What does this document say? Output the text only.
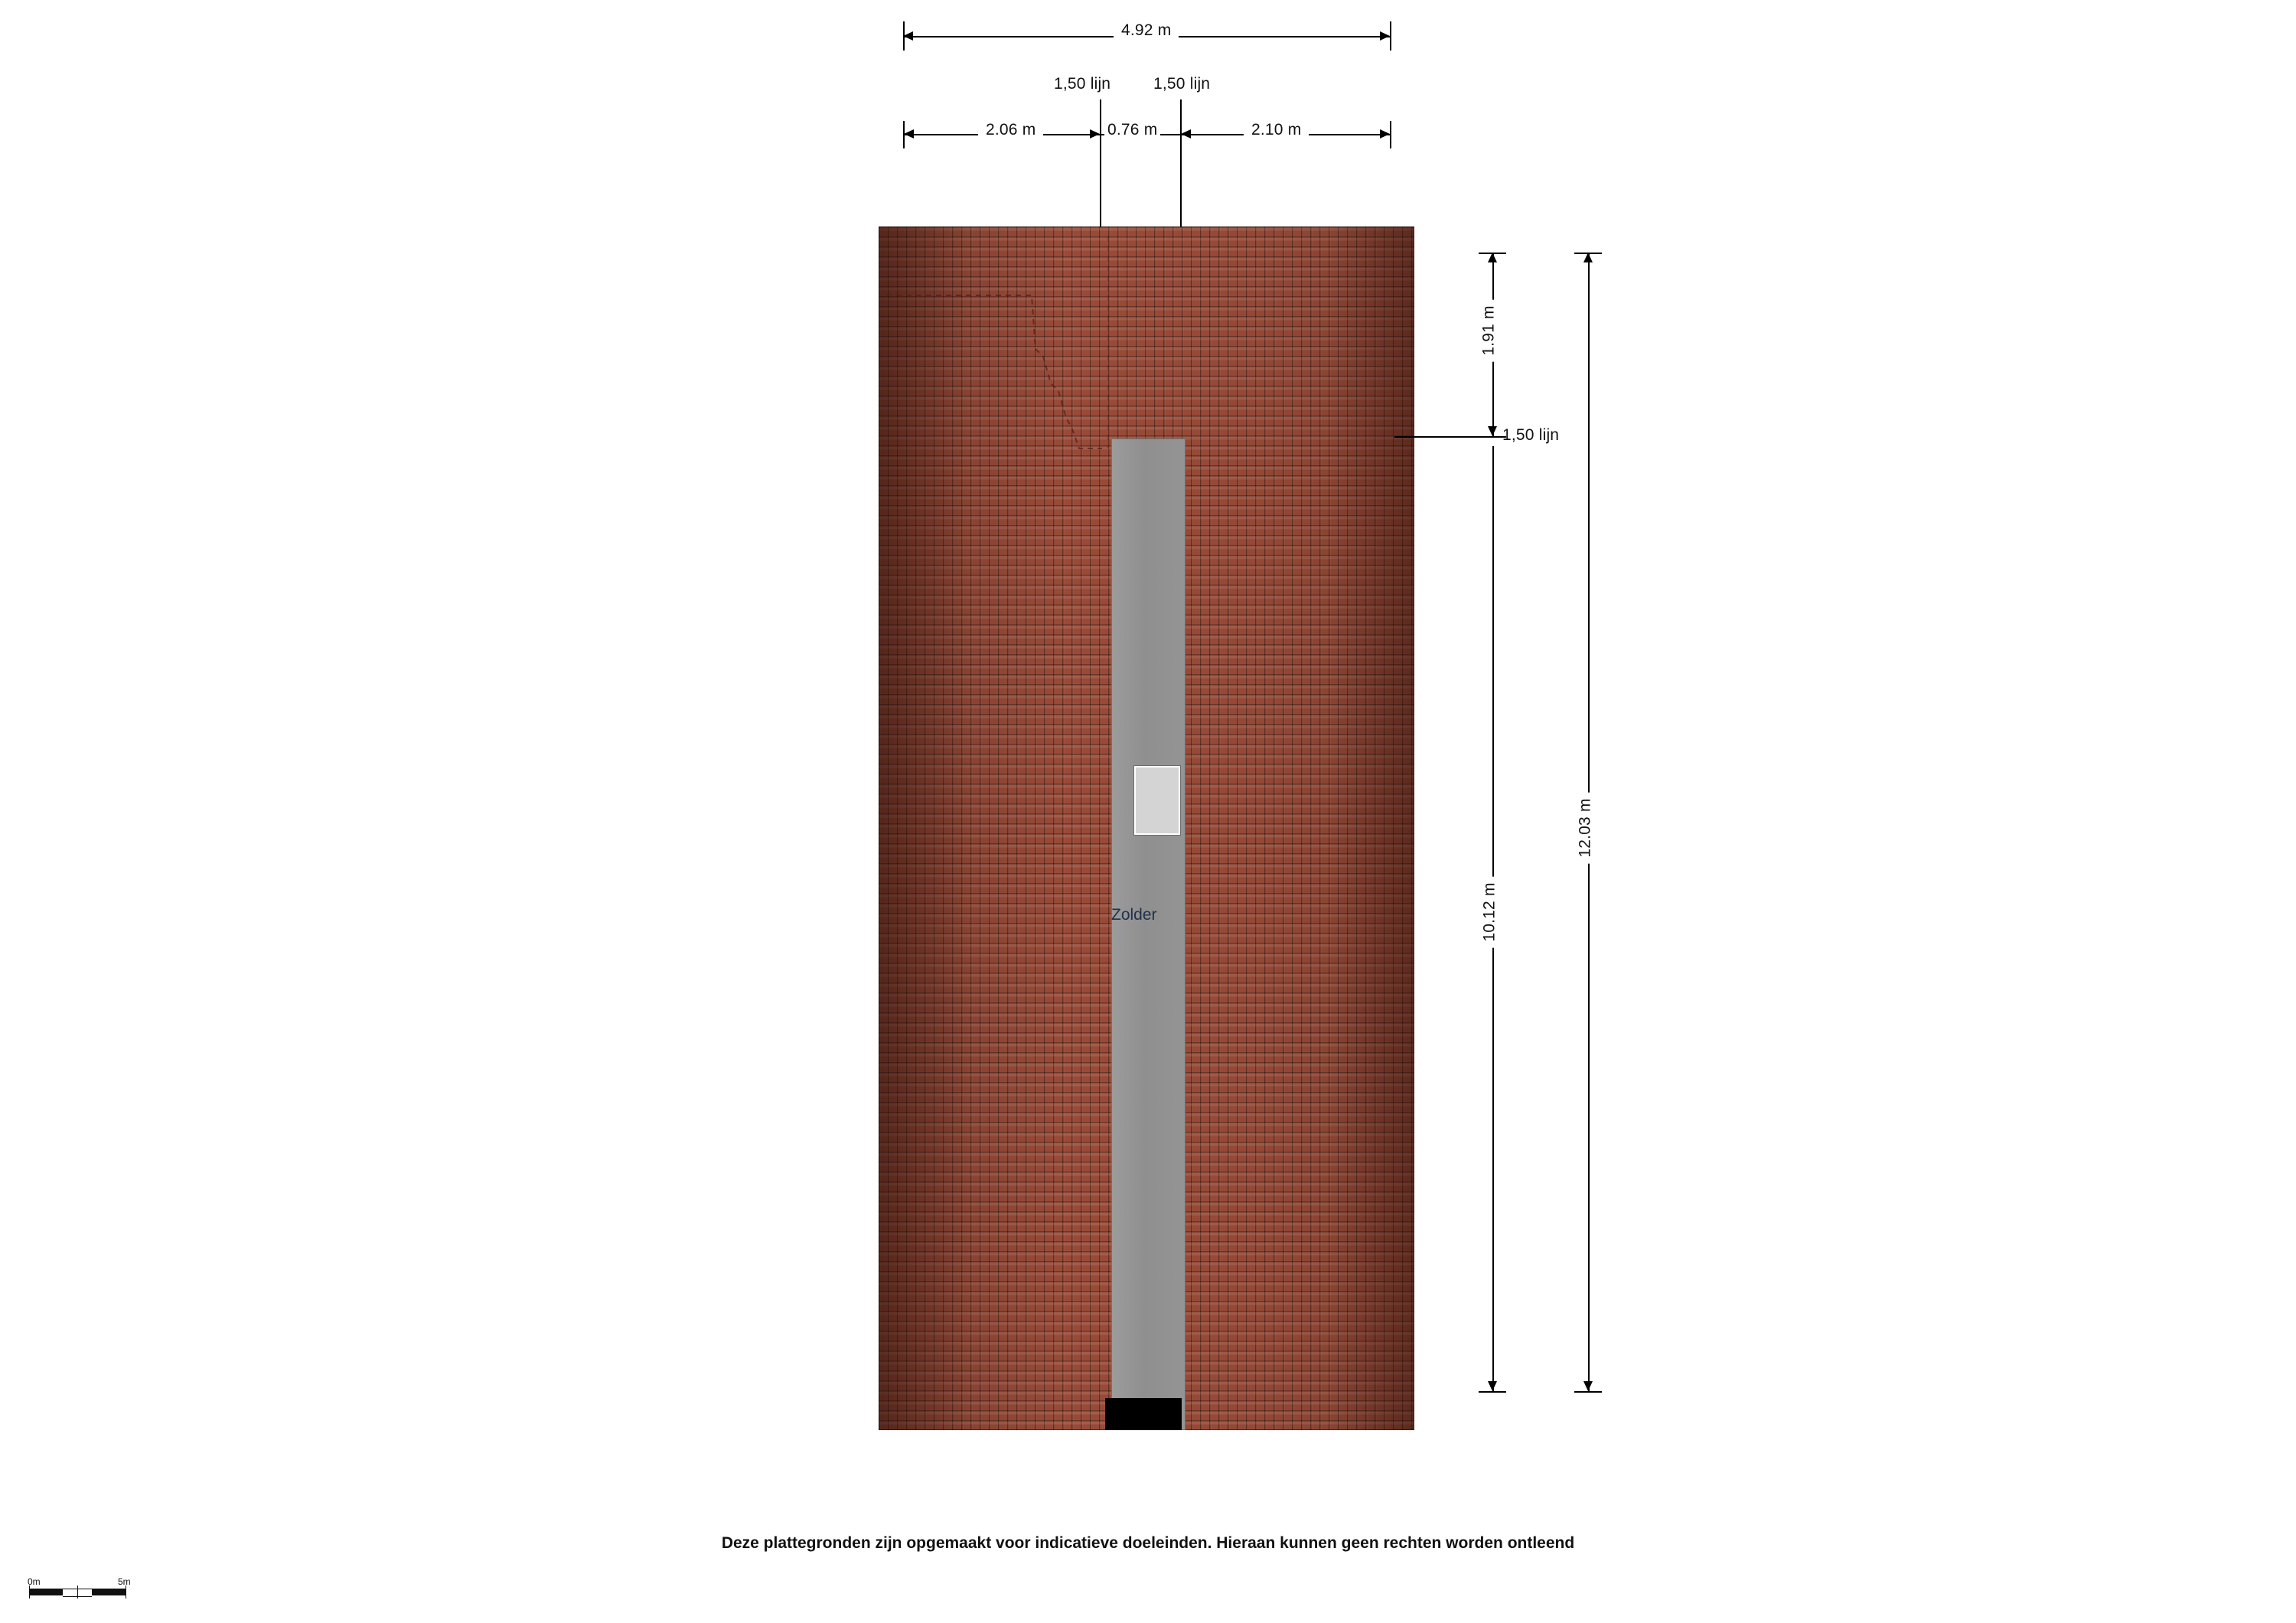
4.92 m
1,50 lijn	1,50 lijn
2.06 m	0.76 m	2.10 m
Zolder
1.91 m
1,50 lijn
10.12 m
12.03 m
Deze plattegronden zijn opgemaakt voor indicatieve doeleinden. Hieraan kunnen geen rechten worden ontleend
0m	5m
